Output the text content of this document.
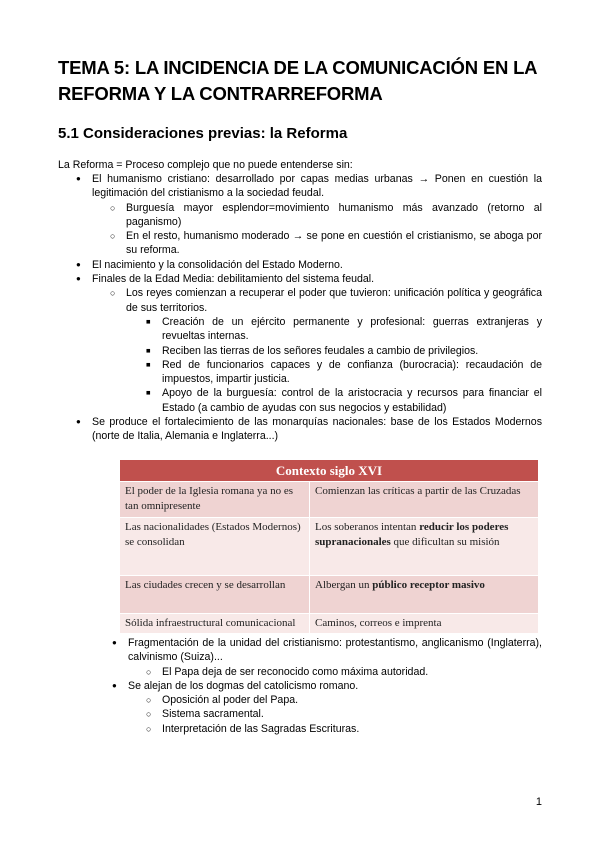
TEMA 5: LA INCIDENCIA DE LA COMUNICACIÓN EN LA REFORMA Y LA CONTRARREFORMA
5.1 Consideraciones previas: la Reforma
La Reforma = Proceso complejo que no puede entenderse sin:
● El humanismo cristiano: desarrollado por capas medias urbanas → Ponen en cuestión la legitimación del cristianismo a la sociedad feudal.
○ Burguesía mayor esplendor=movimiento humanismo más avanzado (retorno al paganismo)
○ En el resto, humanismo moderado → se pone en cuestión el cristianismo, se aboga por su reforma.
● El nacimiento y la consolidación del Estado Moderno.
● Finales de la Edad Media: debilitamiento del sistema feudal.
○ Los reyes comienzan a recuperar el poder que tuvieron: unificación política y geográfica de sus territorios.
■ Creación de un ejército permanente y profesional: guerras extranjeras y revueltas internas.
■ Reciben las tierras de los señores feudales a cambio de privilegios.
■ Red de funcionarios capaces y de confianza (burocracia): recaudación de impuestos, impartir justicia.
■ Apoyo de la burguesía: control de la aristocracia y recursos para financiar el Estado (a cambio de ayudas con sus negocios y estabilidad)
● Se produce el fortalecimiento de las monarquías nacionales: base de los Estados Modernos (norte de Italia, Alemania e Inglaterra...)
Contexto siglo XVI	
El poder de la Iglesia romana ya no es tan omnipresente	Comienzan las críticas a partir de las Cruzadas
Las nacionalidades (Estados Modernos) se consolidan	Los soberanos intentan reducir los poderes supranacionales que dificultan su misión
Las ciudades crecen y se desarrollan	Albergan un público receptor masivo
Sólida infraestructural comunicacional	Caminos, correos e imprenta
● Fragmentación de la unidad del cristianismo: protestantismo, anglicanismo (Inglaterra), calvinismo (Suiza)...
○ El Papa deja de ser reconocido como máxima autoridad.
● Se alejan de los dogmas del catolicismo romano.
○ Oposición al poder del Papa.
○ Sistema sacramental.
○ Interpretación de las Sagradas Escrituras.
1
